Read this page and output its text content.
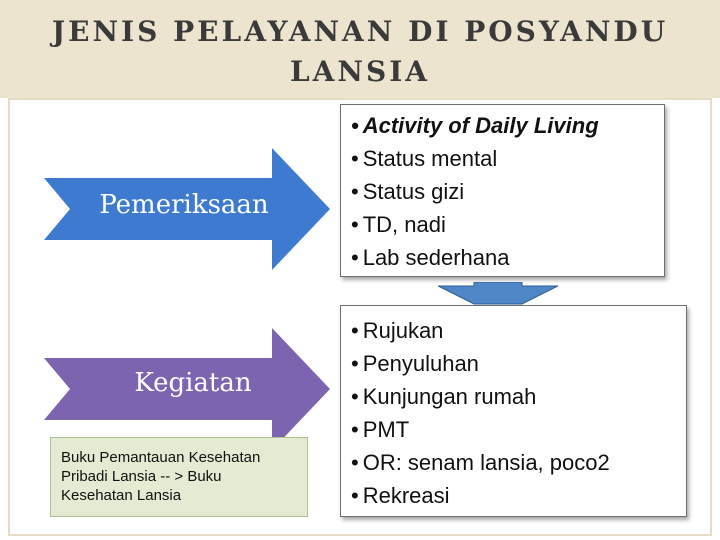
JENIS PELAYANAN DI POSYANDU
LANSIA
Pemeriksaan
Kegiatan
• Activity of Daily Living
• Status mental
• Status gizi
• TD, nadi
• Lab sederhana
• Rujukan
• Penyuluhan
• Kunjungan rumah
• PMT
• OR: senam lansia, poco2
• Rekreasi
Buku Pemantauan Kesehatan Pribadi Lansia -- > Buku Kesehatan Lansia
